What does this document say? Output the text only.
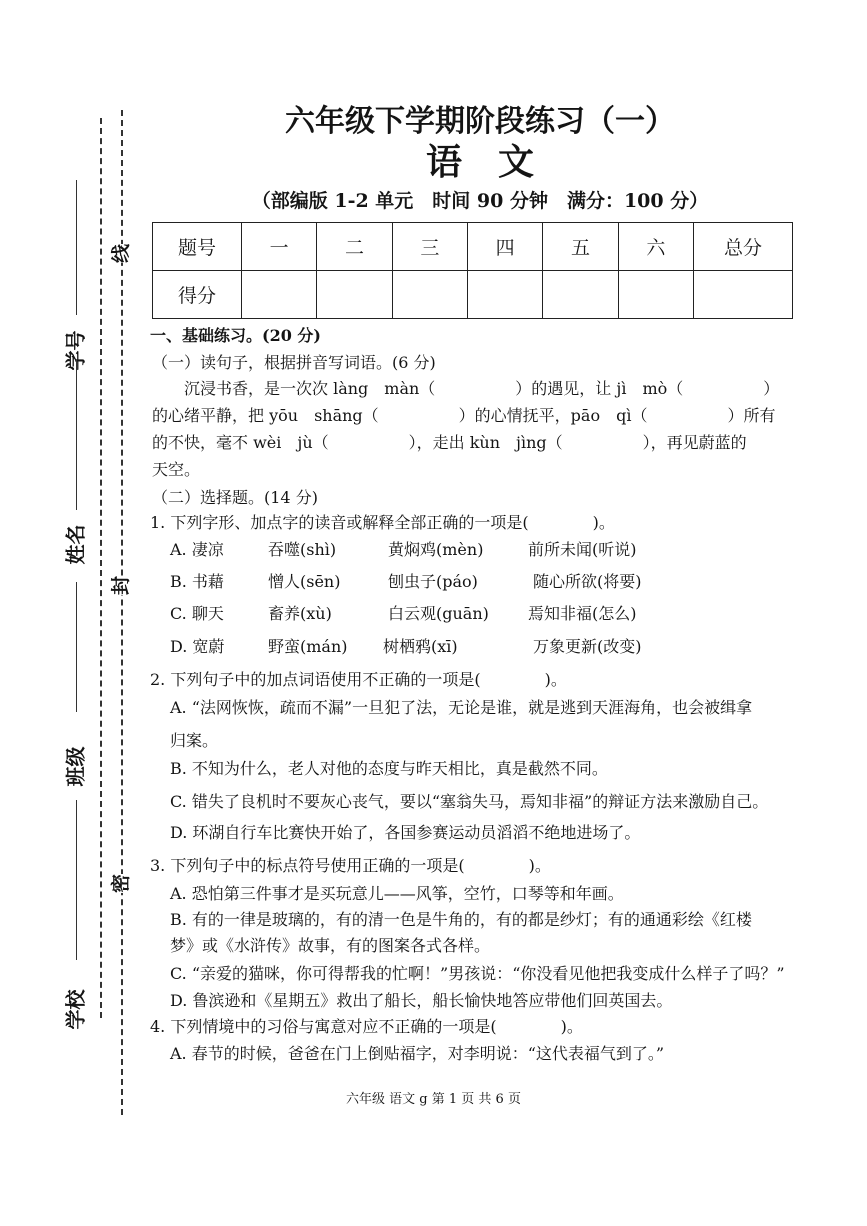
学号
姓名
班级
学校
线
封
密
六年级下学期阶段练习（一）
语　文
（部编版 1-2 单元　时间 90 分钟　满分：100 分）
题号	一	二	三	四	五	六	总分
得分							
一、基础练习。(20 分)
（一）读句子，根据拼音写词语。(6 分)
沉浸书香，是一次次 làng　màn（　　　　　）的遇见，让 jì　mò（　　　　　）
的心绪平静，把 yōu　shāng（　　　　　）的心情抚平，pāo　qì（　　　　　）所有
的不快，毫不 wèi　jù（　　　　　），走出 kùn　jìng（　　　　　），再见蔚蓝的
天空。
（二）选择题。(14 分)
1. 下列字形、加点字的读音或解释全部正确的一项是(　　　　)。
A. 凄凉	吞噬(shì)	黄焖鸡(mèn)	前所未闻(听说)
B. 书藉	憎人(sēn)	刨虫子(páo)	随心所欲(将要)
C. 聊天	畜养(xù)	白云观(guān) 焉知非福(怎么)
D. 宽蔚	野蛮(mán) 树栖鸦(xī)	万象更新(改变)
2. 下列句子中的加点词语使用不正确的一项是(　　　　)。
A. “法网恢恢，疏而不漏”一旦犯了法，无论是谁，就是逃到天涯海角，也会被缉拿
归案。
B. 不知为什么，老人对他的态度与昨天相比，真是截然不同。
C. 错失了良机时不要灰心丧气，要以“塞翁失马，焉知非福”的辩证方法来激励自己。
D. 环湖自行车比赛快开始了，各国参赛运动员滔滔不绝地进场了。
3. 下列句子中的标点符号使用正确的一项是(　　　　)。
A. 恐怕第三件事才是买玩意儿——风筝，空竹，口琴等和年画。
B. 有的一律是玻璃的，有的清一色是牛角的，有的都是纱灯；有的通通彩绘《红楼
梦》或《水浒传》故事，有的图案各式各样。
C. “亲爱的猫咪，你可得帮我的忙啊！”男孩说：“你没看见他把我变成什么样子了吗？”
D. 鲁滨逊和《星期五》救出了船长，船长愉快地答应带他们回英国去。
4. 下列情境中的习俗与寓意对应不正确的一项是(　　　　)。
A. 春节的时候，爸爸在门上倒贴福字，对李明说：“这代表福气到了。”
六年级 语文 g 第 1 页 共 6 页
